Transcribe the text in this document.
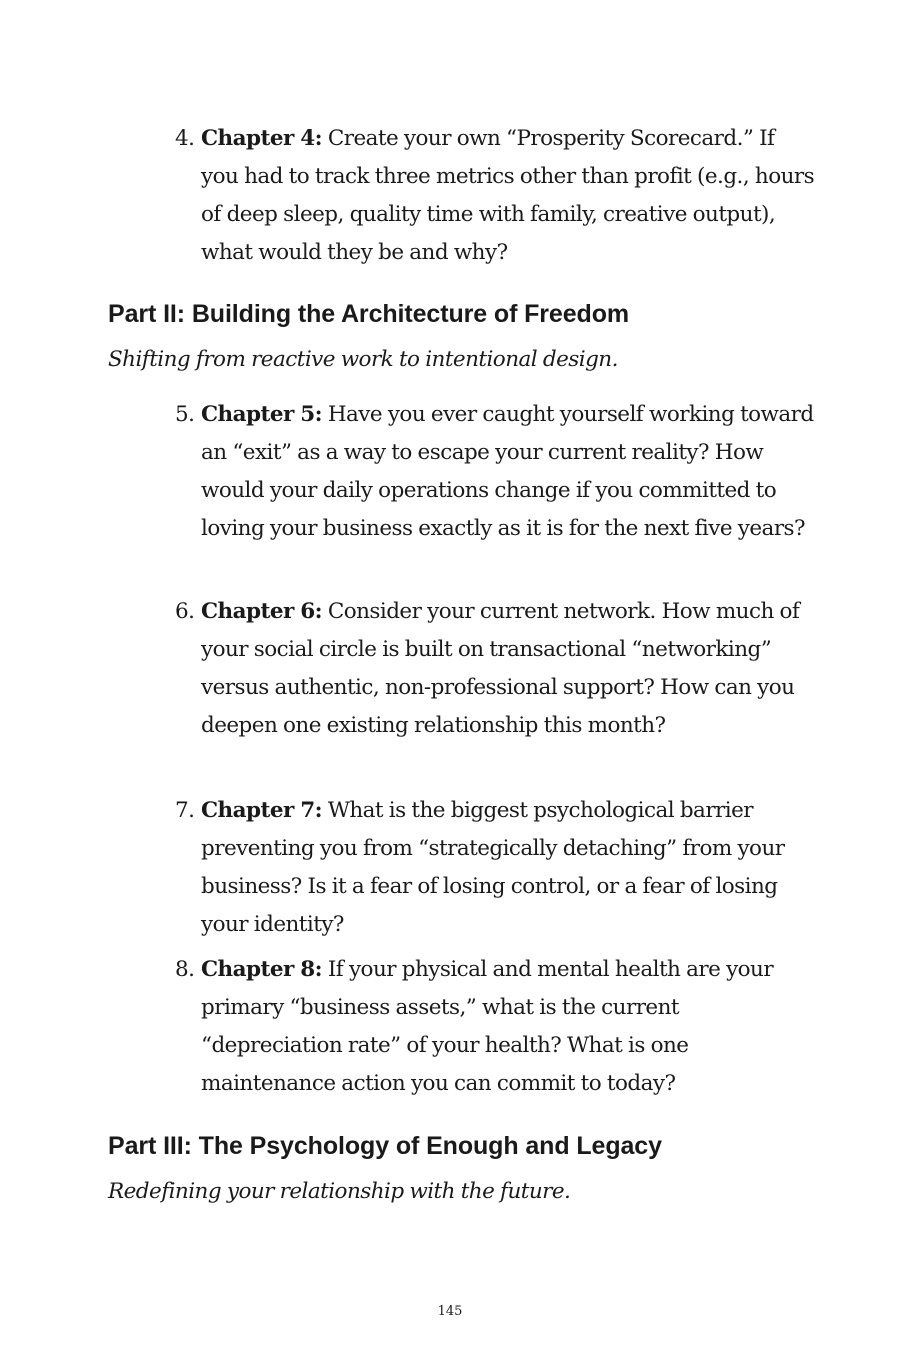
4. Chapter 4: Create your own “Prosperity Scorecard.” If you had to track three metrics other than profit (e.g., hours of deep sleep, quality time with family, creative output), what would they be and why?
Part II: Building the Architecture of Freedom
Shifting from reactive work to intentional design.
5. Chapter 5: Have you ever caught yourself working toward an “exit” as a way to escape your current reality? How would your daily operations change if you committed to loving your business exactly as it is for the next five years?
6. Chapter 6: Consider your current network. How much of your social circle is built on transactional “networking” versus authentic, non-professional support? How can you deepen one existing relationship this month?
7. Chapter 7: What is the biggest psychological barrier preventing you from “strategically detaching” from your business? Is it a fear of losing control, or a fear of losing your identity?
8. Chapter 8: If your physical and mental health are your primary “business assets,” what is the current “depreciation rate” of your health? What is one maintenance action you can commit to today?
Part III: The Psychology of Enough and Legacy
Redefining your relationship with the future.
145
